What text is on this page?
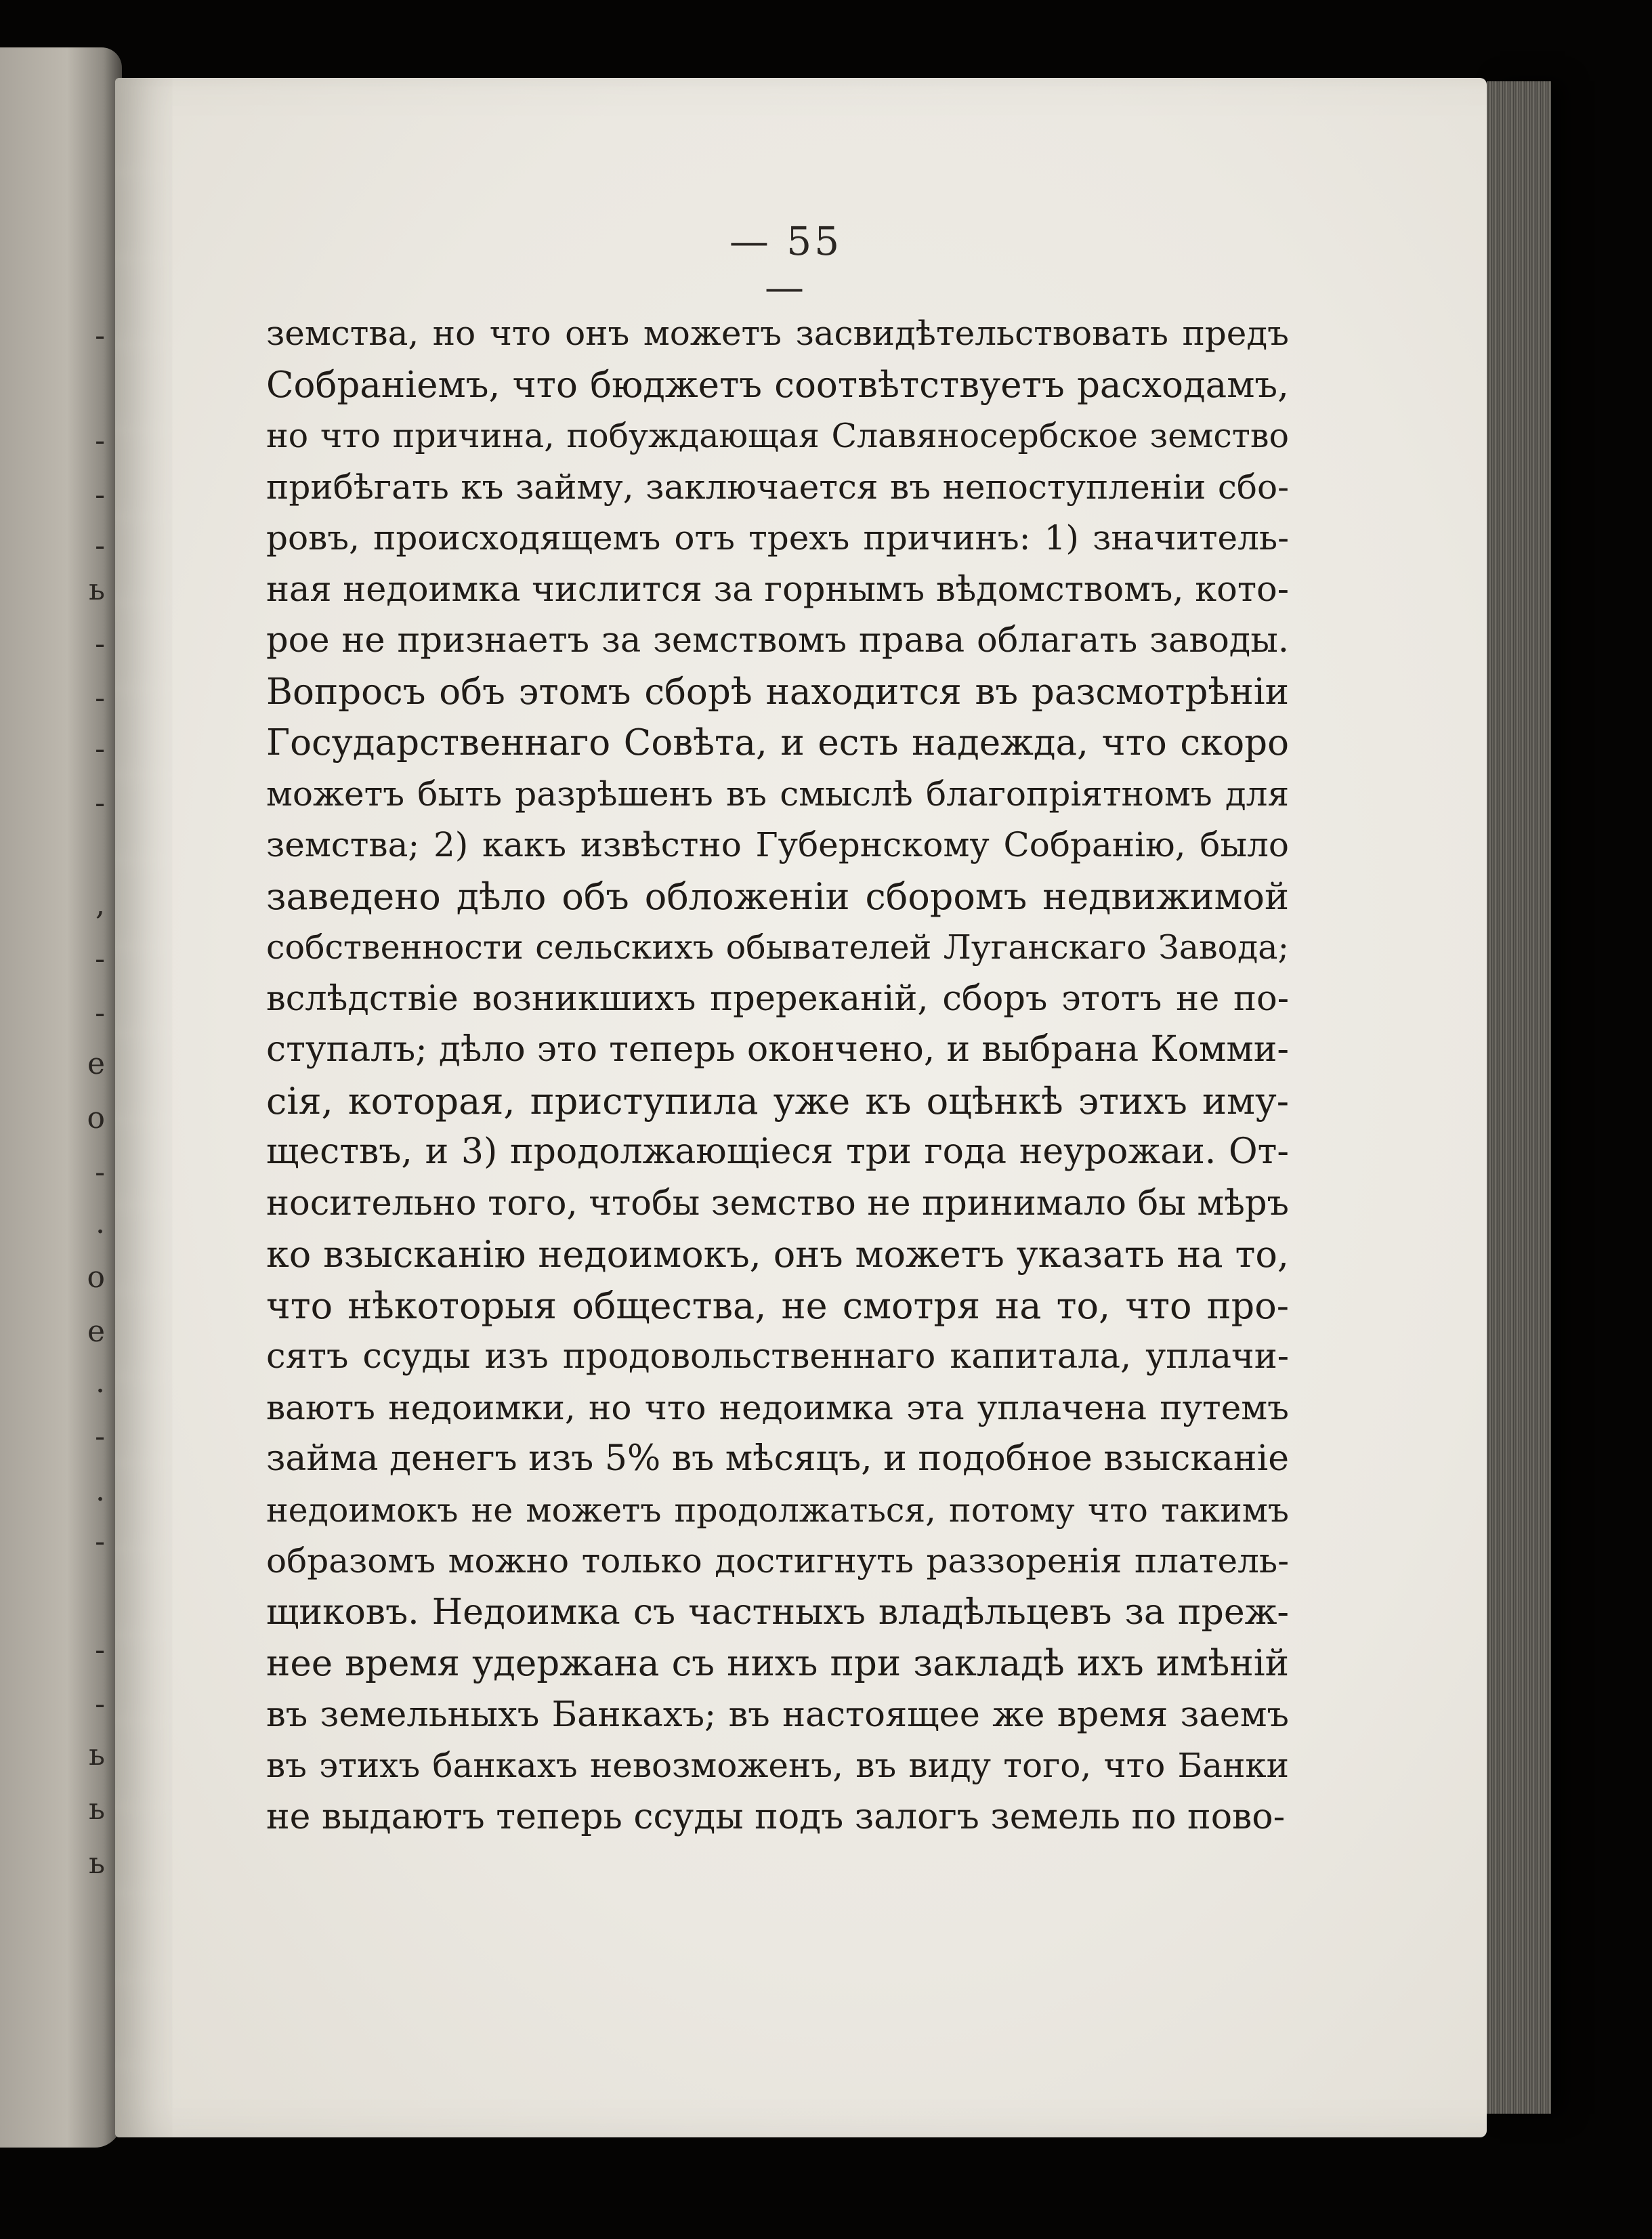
-
-
-
-
ь
-
-
-
-
,
-
-
е
о
-
.
о
е
.
-
.
-
-
-
ь
ь
ь
— 55 —
земства, но что онъ можетъ засвидѣтельствовать предъ
Собранiемъ, что бюджетъ соотвѣтствуетъ расходамъ,
но что причина, побуждающая Славяносербское земство
прибѣгать къ займу, заключается въ непоступленiи сбо-
ровъ, происходящемъ отъ трехъ причинъ: 1) значитель-
ная недоимка числится за горнымъ вѣдомствомъ, кото-
рое не признаетъ за земствомъ права облагать заводы.
Вопросъ объ этомъ сборѣ находится въ разсмотрѣнiи
Государственнаго Совѣта, и есть надежда, что скоро
можетъ быть разрѣшенъ въ смыслѣ благопрiятномъ для
земства; 2) какъ извѣстно Губернскому Собранiю, было
заведено дѣло объ обложенiи сборомъ недвижимой
собственности сельскихъ обывателей Луганскаго Завода;
вслѣдствiе возникшихъ пререканiй, сборъ этотъ не по-
ступалъ; дѣло это теперь окончено, и выбрана Комми-
сiя, которая, приступила уже къ оцѣнкѣ этихъ иму-
ществъ, и 3) продолжающiеся три года неурожаи. От-
носительно того, чтобы земство не принимало бы мѣръ
ко взысканiю недоимокъ, онъ можетъ указать на то,
что нѣкоторыя общества, не смотря на то, что про-
сятъ ссуды изъ продовольственнаго капитала, уплачи-
ваютъ недоимки, но что недоимка эта уплачена путемъ
займа денегъ изъ 5% въ мѣсяцъ, и подобное взысканiе
недоимокъ не можетъ продолжаться, потому что такимъ
образомъ можно только достигнуть раззоренiя платель-
щиковъ. Недоимка съ частныхъ владѣльцевъ за преж-
нее время удержана съ нихъ при закладѣ ихъ имѣнiй
въ земельныхъ Банкахъ; въ настоящее же время заемъ
въ этихъ банкахъ невозможенъ, въ виду того, что Банки
не выдаютъ теперь ссуды подъ залогъ земель по пово-
